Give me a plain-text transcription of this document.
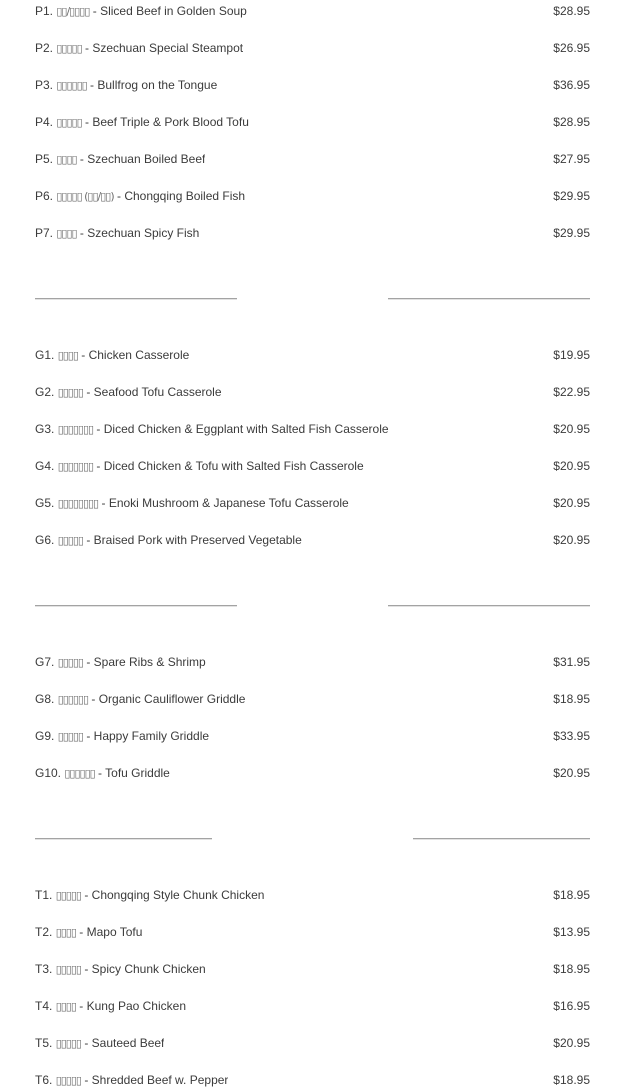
P1. ▯▯/▯▯▯▯ - Sliced Beef in Golden Soup	$28.95
P2. ▯▯▯▯▯ - Szechuan Special Steampot	$26.95
P3. ▯▯▯▯▯▯ - Bullfrog on the Tongue	$36.95
P4. ▯▯▯▯▯ - Beef Triple & Pork Blood Tofu	$28.95
P5. ▯▯▯▯ - Szechuan Boiled Beef	$27.95
P6. ▯▯▯▯▯ (▯▯/▯▯) - Chongqing Boiled Fish	$29.95
P7. ▯▯▯▯ - Szechuan Spicy Fish	$29.95
G1. ▯▯▯▯ - Chicken Casserole	$19.95
G2. ▯▯▯▯▯ - Seafood Tofu Casserole	$22.95
G3. ▯▯▯▯▯▯▯ - Diced Chicken & Eggplant with Salted Fish Casserole	$20.95
G4. ▯▯▯▯▯▯▯ - Diced Chicken & Tofu with Salted Fish Casserole	$20.95
G5. ▯▯▯▯▯▯▯▯ - Enoki Mushroom & Japanese Tofu Casserole	$20.95
G6. ▯▯▯▯▯ - Braised Pork with Preserved Vegetable	$20.95
G7. ▯▯▯▯▯ - Spare Ribs & Shrimp	$31.95
G8. ▯▯▯▯▯▯ - Organic Cauliflower Griddle	$18.95
G9. ▯▯▯▯▯ - Happy Family Griddle	$33.95
G10. ▯▯▯▯▯▯ - Tofu Griddle	$20.95
T1. ▯▯▯▯▯ - Chongqing Style Chunk Chicken	$18.95
T2. ▯▯▯▯ - Mapo Tofu	$13.95
T3. ▯▯▯▯▯ - Spicy Chunk Chicken	$18.95
T4. ▯▯▯▯ - Kung Pao Chicken	$16.95
T5. ▯▯▯▯▯ - Sauteed Beef	$20.95
T6. ▯▯▯▯▯ - Shredded Beef w. Pepper	$18.95
